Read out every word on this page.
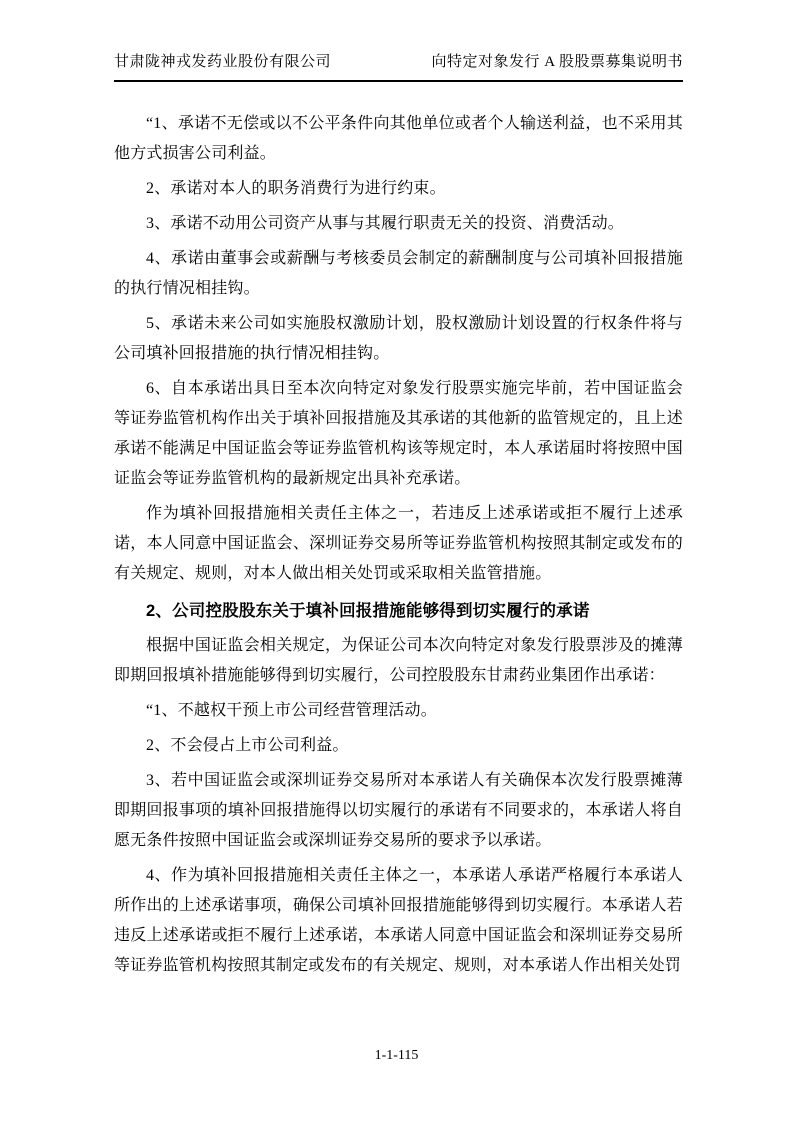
甘肃陇神戎发药业股份有限公司	向特定对象发行 A 股股票募集说明书

“1、承诺不无偿或以不公平条件向其他单位或者个人输送利益，也不采用其他方式损害公司利益。

2、承诺对本人的职务消费行为进行约束。

3、承诺不动用公司资产从事与其履行职责无关的投资、消费活动。

4、承诺由董事会或薪酬与考核委员会制定的薪酬制度与公司填补回报措施的执行情况相挂钩。

5、承诺未来公司如实施股权激励计划，股权激励计划设置的行权条件将与公司填补回报措施的执行情况相挂钩。

6、自本承诺出具日至本次向特定对象发行股票实施完毕前，若中国证监会等证券监管机构作出关于填补回报措施及其承诺的其他新的监管规定的，且上述承诺不能满足中国证监会等证券监管机构该等规定时，本人承诺届时将按照中国证监会等证券监管机构的最新规定出具补充承诺。

作为填补回报措施相关责任主体之一，若违反上述承诺或拒不履行上述承诺，本人同意中国证监会、深圳证券交易所等证券监管机构按照其制定或发布的有关规定、规则，对本人做出相关处罚或采取相关监管措施。

2、公司控股股东关于填补回报措施能够得到切实履行的承诺

根据中国证监会相关规定，为保证公司本次向特定对象发行股票涉及的摊薄即期回报填补措施能够得到切实履行，公司控股股东甘肃药业集团作出承诺：

“1、不越权干预上市公司经营管理活动。

2、不会侵占上市公司利益。

3、若中国证监会或深圳证券交易所对本承诺人有关确保本次发行股票摊薄即期回报事项的填补回报措施得以切实履行的承诺有不同要求的，本承诺人将自愿无条件按照中国证监会或深圳证券交易所的要求予以承诺。

4、作为填补回报措施相关责任主体之一，本承诺人承诺严格履行本承诺人所作出的上述承诺事项，确保公司填补回报措施能够得到切实履行。本承诺人若违反上述承诺或拒不履行上述承诺，本承诺人同意中国证监会和深圳证券交易所等证券监管机构按照其制定或发布的有关规定、规则，对本承诺人作出相关处罚

1-1-115
